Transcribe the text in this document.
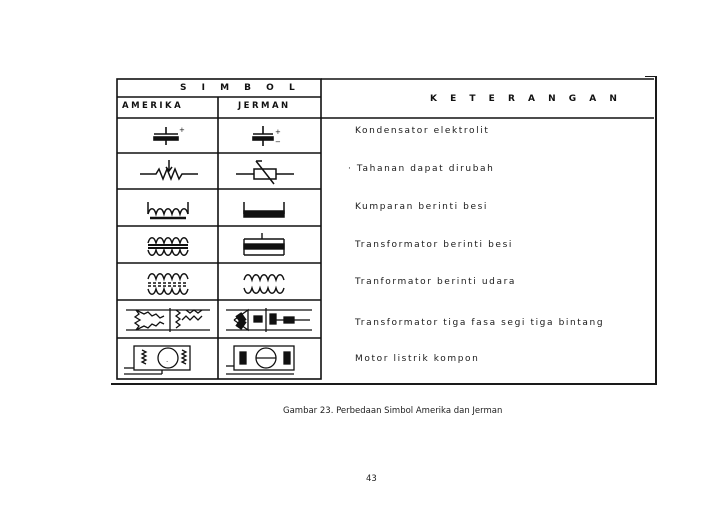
S I M B O L
AMERIKA	JERMAN
K E T E R A N G A N
+	+
−
Kondensator elektrolit
· Tahanan dapat dirubah
Kumparan berinti besi
Transformator berinti besi
Tranformator berinti udara
Transformator tiga fasa segi tiga bintang
.	Motor listrik kompon
Gambar 23. Perbedaan Simbol Amerika dan Jerman
43
